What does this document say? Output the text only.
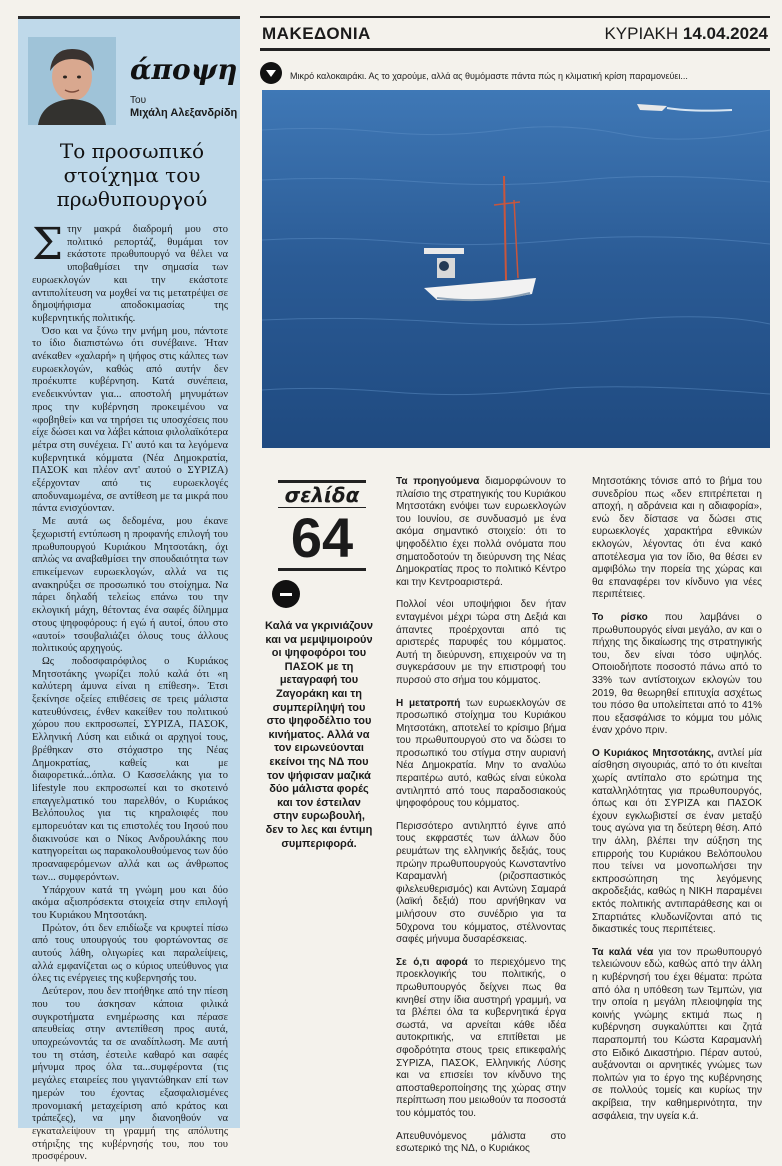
άποψη
Του
Μιχάλη Αλεξανδρίδη
Το προσωπικό στοίχημα του πρωθυπουργού
Σ την μακρά διαδρομή μου στο πολιτικό ρεπορτάζ, θυμάμαι τον εκάστοτε πρωθυπουργό να θέλει να υποβαθμίσει την σημασία των ευρωεκλογών και την εκάστοτε αντιπολίτευση να μοχθεί να τις μετατρέψει σε δημοψήφισμα αποδοκιμασίας της κυβερνητικής πολιτικής.

Όσο και να ξύνω την μνήμη μου, πάντοτε το ίδιο διαπιστώνω ότι συνέβαινε. Ήταν ανέκαθεν «χαλαρή» η ψήφος στις κάλπες των ευρωεκλογών, καθώς από αυτήν δεν προέκυπτε κυβέρνηση. Κατά συνέπεια, ενεδεικνύνταν για... αποστολή μηνυμάτων προς την κυβέρνηση προκειμένου να «φοβηθεί» και να τηρήσει τις υποσχέσεις που είχε δώσει και να λάβει κάποια φιλολαϊκότερα μέτρα στη συνέχεια. Γι' αυτό και τα λεγόμενα κυβερνητικά κόμματα (Νέα Δημοκρατία, ΠΑΣΟΚ και πλέον αντ' αυτού ο ΣΥΡΙΖΑ) εξέρχονταν από τις ευρωεκλογές αποδυναμωμένα, σε αντίθεση με τα μικρά που πάντα ενισχύονταν.

Με αυτά ως δεδομένα, μου έκανε ξεχωριστή εντύπωση η προφανής επιλογή του πρωθυπουργού Κυριάκου Μητσοτάκη, όχι απλώς να αναβαθμίσει την σπουδαιότητα των επικείμενων ευρωεκλογών, αλλά να τις ανακηρύξει σε προσωπικό του στοίχημα. Να πάρει δηλαδή τελείως επάνω του την εκλογική μάχη, θέτοντας ένα σαφές δίλημμα στους ψηφοφόρους: ή εγώ ή αυτοί, όπου στο «αυτοί» τσουβαλιάζει όλους τους άλλους πολιτικούς αρχηγούς.

Ως ποδοσφαιρόφιλος ο Κυριάκος Μητσοτάκης γνωρίζει πολύ καλά ότι «η καλύτερη άμυνα είναι η επίθεση». Έτσι ξεκίνησε οξείες επιθέσεις σε τρεις μάλιστα κατευθύνσεις, ένθεν κακείθεν του πολιτικού χώρου που εκπροσωπεί, ΣΥΡΙΖΑ, ΠΑΣΟΚ, Ελληνική Λύση και ειδικά οι αρχηγοί τους, βρέθηκαν στο στόχαστρο της Νέας Δημοκρατίας, καθείς και με διαφορετικά...όπλα. Ο Κασσελάκης για το lifestyle που εκπροσωπεί και το σκοτεινό επαγγελματικό του παρελθόν, ο Κυριάκος Βελόπουλος για τις κηραλοιφές που εμπορευόταν και τις επιστολές του Ιησού που διακινούσε και ο Νίκος Ανδρουλάκης που κατηγορείται ως παρακολουθούμενος των δύο προαναφερόμενων αλλά και ως άνθρωπος των... συμφερόντων.

Υπάρχουν κατά τη γνώμη μου και δύο ακόμα αξιοπρόσεκτα στοιχεία στην επιλογή του Κυριάκου Μητσοτάκη.

Πρώτον, ότι δεν επιδίωξε να κρυφτεί πίσω από τους υπουργούς του φορτώνοντας σε αυτούς λάθη, ολιγωρίες και παραλείψεις, αλλά εμφανίζεται ως ο κύριος υπεύθυνος για όλες τις ενέργειες της κυβερνησής του.

Δεύτερον, που δεν πτοήθηκε από την πίεση που του άσκησαν κάποια φιλικά συγκροτήματα ενημέρωσης και πέρασε απευθείας στην αντεπίθεση προς αυτά, υποχρεώνοντάς τα σε αναδίπλωση. Με αυτή του τη στάση, έστειλε καθαρό και σαφές μήνυμα προς όλα τα...συμφέροντα (τις μεγάλες εταιρείες που γιγαντώθηκαν επί των ημερών του έχοντας εξασφαλισμένες προνομιακή μεταχείριση από κράτος και τράπεζες), να μην διανοηθούν να εγκαταλείψουν τη γραμμή της απόλυτης στήριξης της κυβέρνησής του, που του προσφέρουν.

ΜΑΚΕΔΟΝΙΑ	ΚΥΡΙΑΚΗ 14.04.2024
Μικρό καλοκαιράκι. Ας το χαρούμε, αλλά ας θυμόμαστε πάντα πώς η κλιματική κρίση παραμονεύει...
σελίδα
64
Καλά να γκρινιάζουν και να μεμψιμοιρούν οι ψηφοφόροι του ΠΑΣΟΚ με τη μεταγραφή του Ζαγοράκη και τη συμπερίληψή του στο ψηφοδέλτιο του κινήματος. Αλλά να τον ειρωνεύονται εκείνοι της ΝΔ που τον ψήφισαν μαζικά δύο μάλιστα φορές και τον έστειλαν στην ευρωβουλή, δεν το λες και έντιμη συμπεριφορά.

Τα προηγούμενα διαμορφώνουν το πλαίσιο της στρατηγικής του Κυριάκου Μητσοτάκη ενόψει των ευρωεκλογών του Ιουνίου, σε συνδυασμό με ένα ακόμα σημαντικό στοιχείο: ότι το ψηφοδέλτιο έχει πολλά ονόματα που σηματοδοτούν τη διεύρυνση της Νέας Δημοκρατίας προς το πολιτικό Κέντρο και την Κεντροαριστερά.

Πολλοί νέοι υποψήφιοι δεν ήταν ενταγμένοι μέχρι τώρα στη Δεξιά και άπαντες προέρχονται από τις αριστερές παρυφές του κόμματος. Αυτή τη διεύρυνση, επιχειρούν να τη συγκεράσουν με την επιστροφή του πυρσού στο σήμα του κόμματος.

Η μετατροπή των ευρωεκλογών σε προσωπικό στοίχημα του Κυριάκου Μητσοτάκη, αποτελεί το κρίσιμο βήμα του πρωθυπουργού στο να δώσει το προσωπικό του στίγμα στην αυριανή Νέα Δημοκρατία. Μην το αναλύω περαιτέρω αυτό, καθώς είναι εύκολα αντιληπτό από τους παραδοσιακούς ψηφοφόρους του κόμματος.

Περισσότερο αντιληπτό έγινε από τους εκφραστές των άλλων δύο ρευμάτων της ελληνικής δεξιάς, τους πρώην πρωθυπουργούς Κωνσταντίνο Καραμανλή (ριζοσπαστικός φιλελευθερισμός) και Αντώνη Σαμαρά (λαϊκή δεξιά) που αρνήθηκαν να μιλήσουν στο συνέδριο για τα 50χρονα του κόμματος, στέλνοντας σαφές μήνυμα δυσαρέσκειας.

Σε ό,τι αφορά το περιεχόμενο της προεκλογικής του πολιτικής, ο πρωθυπουργός δείχνει πως θα κινηθεί στην ίδια αυστηρή γραμμή, να τα βλέπει όλα τα κυβερνητικά έργα σωστά, να αρνείται κάθε ιδέα αυτοκριτικής, να επιτίθεται με σφοδρότητα στους τρεις επικεφαλής ΣΥΡΙΖΑ, ΠΑΣΟΚ, Ελληνικής Λύσης και να επισείει τον κίνδυνο της αποσταθεροποίησης της χώρας στην περίπτωση που μειωθούν τα ποσοστά του κόμματός του.

Απευθυνόμενος μάλιστα στο εσωτερικό της ΝΔ, ο Κυριάκος

Μητσοτάκης τόνισε από το βήμα του συνεδρίου πως «δεν επιτρέπεται η αποχή, η αδράνεια και η αδιαφορία», ενώ δεν δίστασε να δώσει στις ευρωεκλογές χαρακτήρα εθνικών εκλογών, λέγοντας ότι ένα κακό αποτέλεσμα για τον ίδιο, θα θέσει εν αμφιβόλω την πορεία της χώρας και θα επαναφέρει τον κίνδυνο για νέες περιπέτειες.

Το ρίσκο που λαμβάνει ο πρωθυπουργός είναι μεγάλο, αν και ο πήχης της δικαίωσης της στρατηγικής του, δεν είναι τόσο υψηλός. Οποιοδήποτε ποσοστό πάνω από το 33% των αντίστοιχων εκλογών του 2019, θα θεωρηθεί επιτυχία ασχέτως του πόσο θα υπολείπεται από το 41% που εξασφάλισε το κόμμα του μόλις έναν χρόνο πριν.

Ο Κυριάκος Μητσοτάκης, αντλεί μία αίσθηση σιγουριάς, από το ότι κινείται χωρίς αντίπαλο στο ερώτημα της καταλληλότητας για πρωθυπουργός, όπως και ότι ΣΥΡΙΖΑ και ΠΑΣΟΚ έχουν εγκλωβιστεί σε έναν μεταξύ τους αγώνα για τη δεύτερη θέση. Από την άλλη, βλέπει την αύξηση της επιρροής του Κυριάκου Βελόπουλου που τείνει να μονοπωλήσει την εκπροσώπηση της λεγόμενης ακροδεξιάς, καθώς η ΝΙΚΗ παραμένει εκτός πολιτικής αντιπαράθεσης και οι Σπαρτιάτες κλυδωνίζονται από τις δικαστικές τους περιπέτειες.

Τα καλά νέα για τον πρωθυπουργό τελειώνουν εδώ, καθώς από την άλλη η κυβέρνησή του έχει θέματα: πρώτα από όλα η υπόθεση των Τεμπών, για την οποία η μεγάλη πλειοψηφία της κοινής γνώμης εκτιμά πως η κυβέρνηση συγκαλύπτει και ζητά παραπομπή του Κώστα Καραμανλή στο Ειδικό Δικαστήριο. Πέραν αυτού, αυξάνονται οι αρνητικές γνώμες των πολιτών για το έργο της κυβέρνησης σε πολλούς τομείς και κυρίως την ακρίβεια, την καθημερινότητα, την ασφάλεια, την υγεία κ.ά.
